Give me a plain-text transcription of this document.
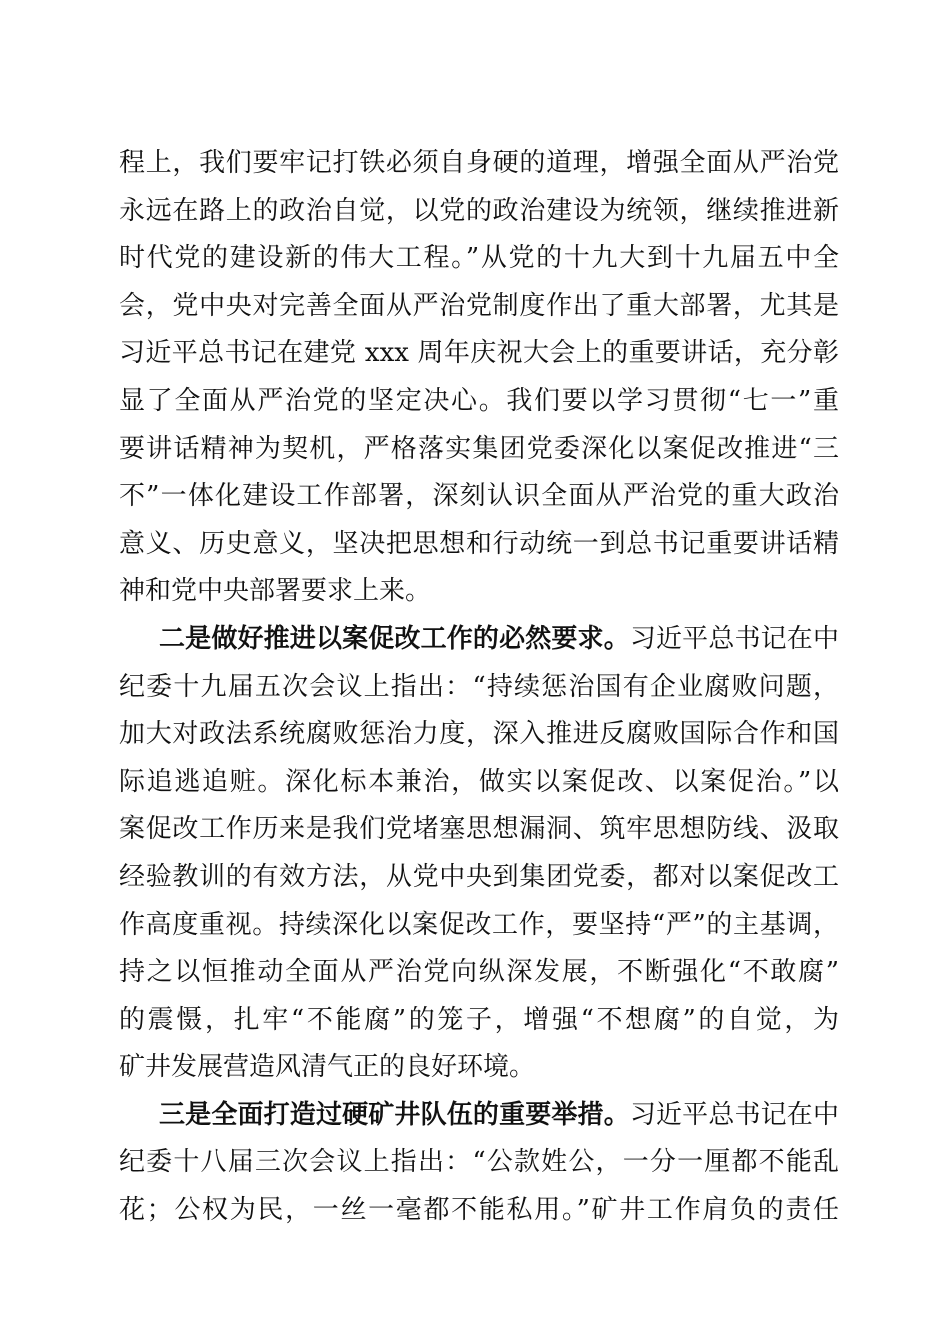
程上，我们要牢记打铁必须自身硬的道理，增强全面从严治党
永远在路上的政治自觉，以党的政治建设为统领，继续推进新
时代党的建设新的伟大工程。”从党的十九大到十九届五中全
会，党中央对完善全面从严治党制度作出了重大部署，尤其是
习近平总书记在建党 xxx 周年庆祝大会上的重要讲话，充分彰
显了全面从严治党的坚定决心。我们要以学习贯彻“七一”重
要讲话精神为契机，严格落实集团党委深化以案促改推进“三
不”一体化建设工作部署，深刻认识全面从严治党的重大政治
意义、历史意义，坚决把思想和行动统一到总书记重要讲话精
神和党中央部署要求上来。
二是做好推进以案促改工作的必然要求。习近平总书记在中
纪委十九届五次会议上指出：“持续惩治国有企业腐败问题，
加大对政法系统腐败惩治力度，深入推进反腐败国际合作和国
际追逃追赃。深化标本兼治，做实以案促改、以案促治。”以
案促改工作历来是我们党堵塞思想漏洞、筑牢思想防线、汲取
经验教训的有效方法，从党中央到集团党委，都对以案促改工
作高度重视。持续深化以案促改工作，要坚持“严”的主基调，
持之以恒推动全面从严治党向纵深发展，不断强化“不敢腐”
的震慑，扎牢“不能腐”的笼子，增强“不想腐”的自觉，为
矿井发展营造风清气正的良好环境。
三是全面打造过硬矿井队伍的重要举措。习近平总书记在中
纪委十八届三次会议上指出：“公款姓公，一分一厘都不能乱
花；公权为民，一丝一毫都不能私用。”矿井工作肩负的责任
